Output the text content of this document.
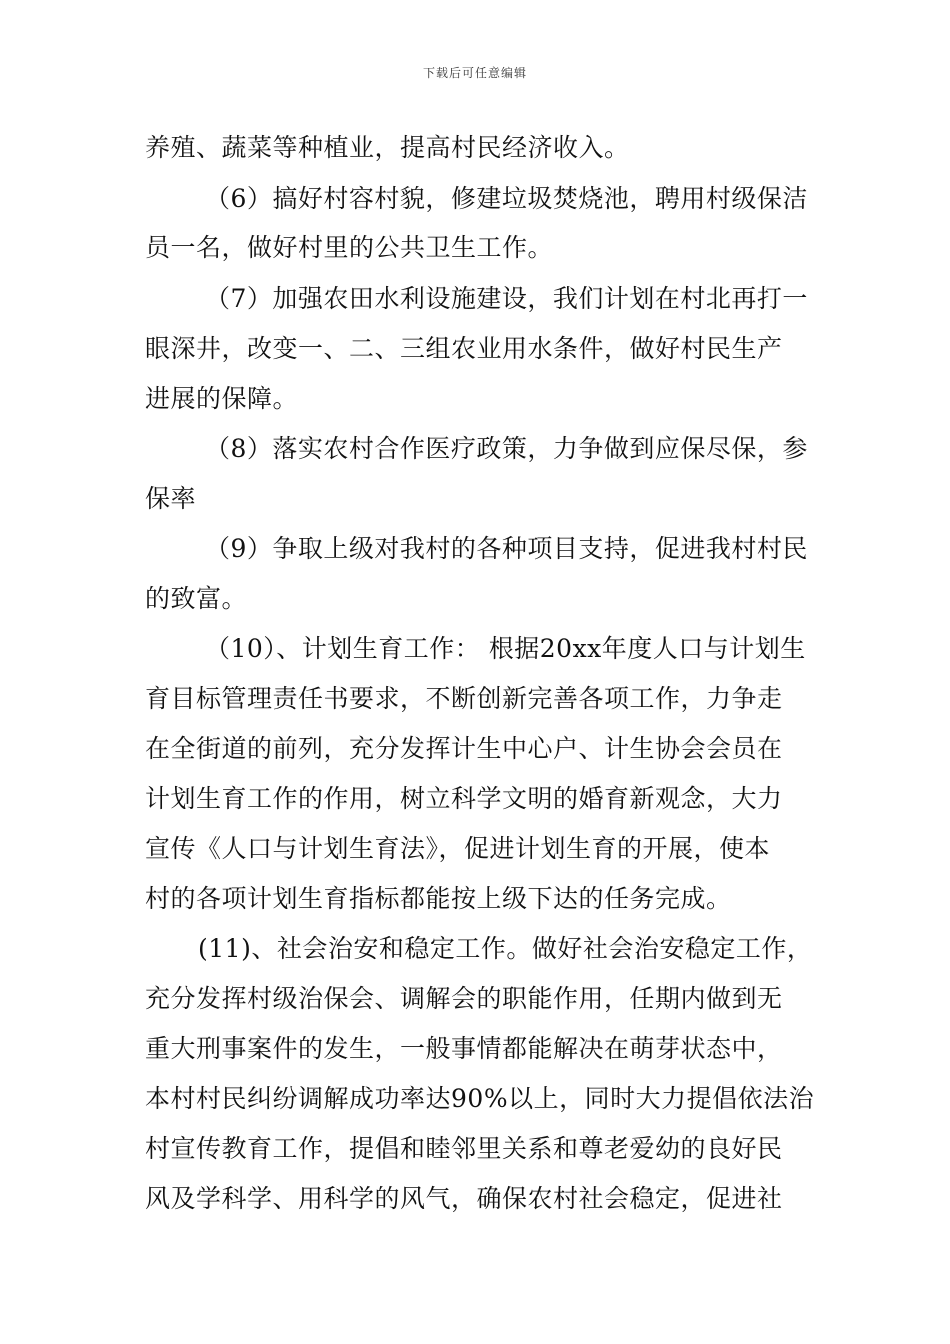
下载后可任意编辑
养殖、蔬菜等种植业，提高村民经济收入。
（6）搞好村容村貌，修建垃圾焚烧池，聘用村级保洁
员一名，做好村里的公共卫生工作。
（7）加强农田水利设施建设，我们计划在村北再打一
眼深井，改变一、二、三组农业用水条件，做好村民生产
进展的保障。
（8）落实农村合作医疗政策，力争做到应保尽保，参
保率
（9）争取上级对我村的各种项目支持，促进我村村民
的致富。
（10）、计划生育工作： 根据20xx年度人口与计划生
育目标管理责任书要求，不断创新完善各项工作，力争走
在全街道的前列，充分发挥计生中心户、计生协会会员在
计划生育工作的作用，树立科学文明的婚育新观念，大力
宣传《人口与计划生育法》，促进计划生育的开展，使本
村的各项计划生育指标都能按上级下达的任务完成。
(11)、社会治安和稳定工作。做好社会治安稳定工作，
充分发挥村级治保会、调解会的职能作用，任期内做到无
重大刑事案件的发生，一般事情都能解决在萌芽状态中，
本村村民纠纷调解成功率达90%以上，同时大力提倡依法治
村宣传教育工作，提倡和睦邻里关系和尊老爱幼的良好民
风及学科学、用科学的风气，确保农村社会稳定，促进社
